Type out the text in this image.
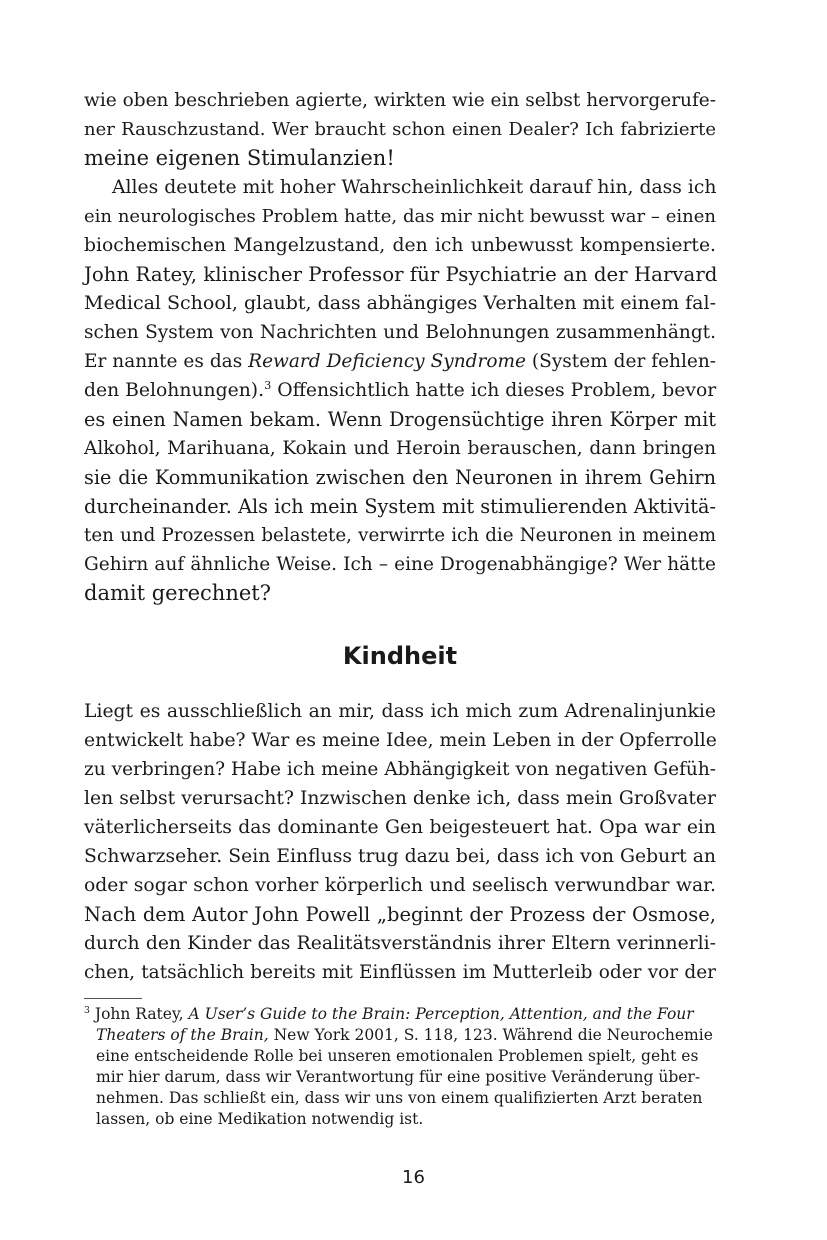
wie oben beschrieben agierte, wirkten wie ein selbst hervorgerufe-
ner Rauschzustand. Wer braucht schon einen Dealer? Ich fabrizierte
meine eigenen Stimulanzien!
Alles deutete mit hoher Wahrscheinlichkeit darauf hin, dass ich
ein neurologisches Problem hatte, das mir nicht bewusst war – einen
biochemischen Mangelzustand, den ich unbewusst kompensierte.
John Ratey, klinischer Professor für Psychiatrie an der Harvard
Medical School, glaubt, dass abhängiges Verhalten mit einem fal-
schen System von Nachrichten und Belohnungen zusammenhängt.
Er nannte es das Reward Deficiency Syndrome (System der fehlen-
den Belohnungen).$^3$ Offensichtlich hatte ich dieses Problem, bevor
es einen Namen bekam. Wenn Drogensüchtige ihren Körper mit
Alkohol, Marihuana, Kokain und Heroin berauschen, dann bringen
sie die Kommunikation zwischen den Neuronen in ihrem Gehirn
durcheinander. Als ich mein System mit stimulierenden Aktivitä-
ten und Prozessen belastete, verwirrte ich die Neuronen in meinem
Gehirn auf ähnliche Weise. Ich – eine Drogenabhängige? Wer hätte
damit gerechnet?
Kindheit
Liegt es ausschließlich an mir, dass ich mich zum Adrenalinjunkie
entwickelt habe? War es meine Idee, mein Leben in der Opferrolle
zu verbringen? Habe ich meine Abhängigkeit von negativen Gefüh-
len selbst verursacht? Inzwischen denke ich, dass mein Großvater
väterlicherseits das dominante Gen beigesteuert hat. Opa war ein
Schwarzseher. Sein Einfluss trug dazu bei, dass ich von Geburt an
oder sogar schon vorher körperlich und seelisch verwundbar war.
Nach dem Autor John Powell „beginnt der Prozess der Osmose,
durch den Kinder das Realitätsverständnis ihrer Eltern verinnerli-
chen, tatsächlich bereits mit Einflüssen im Mutterleib oder vor der
$^3$ John Ratey, A User’s Guide to the Brain: Perception, Attention, and the Four
Theaters of the Brain, New York 2001, S. 118, 123. Während die Neurochemie
eine entscheidende Rolle bei unseren emotionalen Problemen spielt, geht es
mir hier darum, dass wir Verantwortung für eine positive Veränderung über-
nehmen. Das schließt ein, dass wir uns von einem qualifizierten Arzt beraten
lassen, ob eine Medikation notwendig ist.
16
